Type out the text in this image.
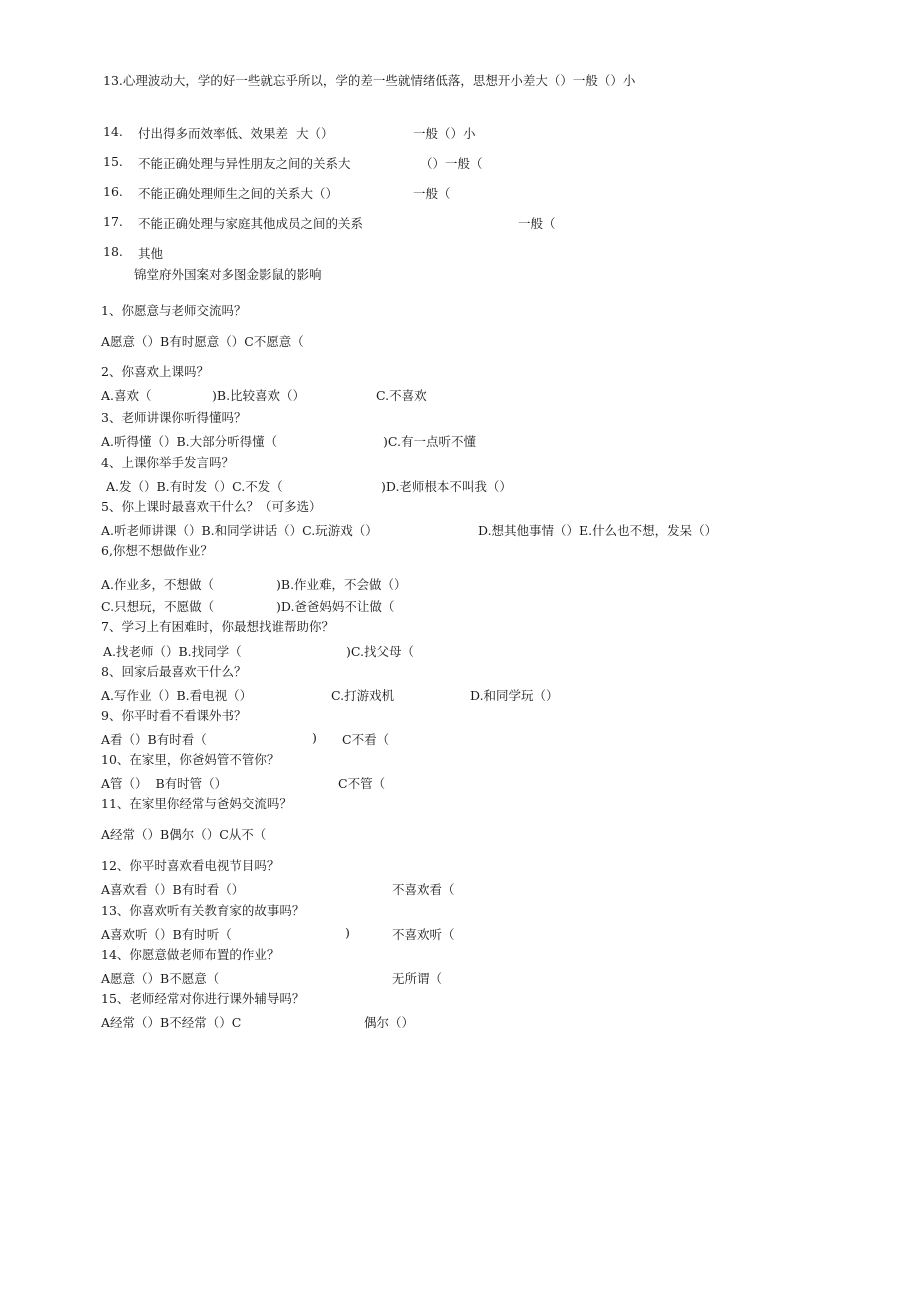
13.心理波动大，学的好一些就忘乎所以，学的差一些就情绪低落，思想开小差大（）一般（）小
14. 付出得多而效率低、效果差  大（）	一般（）小
15. 不能正确处理与异性朋友之间的关系大	（）一般（
16. 不能正确处理师生之间的关系大（）	一般（
17. 不能正确处理与家庭其他成员之间的关系	一般（
18. 其他
锦堂府外国案对多图金影鼠的影响
1、你愿意与老师交流吗？
A愿意（）B有时愿意（）C不愿意（
2、你喜欢上课吗？
A.喜欢（	)B.比较喜欢（）	C.不喜欢
3、老师讲课你听得懂吗？
A.听得懂（）B.大部分听得懂（	)C.有一点听不懂
4、上课你举手发言吗？
A.发（）B.有时发（）C.不发（	)D.老师根本不叫我（）
5、你上课时最喜欢干什么？（可多选）
A.听老师讲课（）B.和同学讲话（）C.玩游戏（）	D.想其他事情（）E.什么也不想，发呆（）
6,你想不想做作业？
A.作业多，不想做（	)B.作业难，不会做（）
C.只想玩，不愿做（	)D.爸爸妈妈不让做（
7、学习上有困难时，你最想找谁帮助你？
A.找老师（）B.找同学（	)C.找父母（
8、回家后最喜欢干什么？
A.写作业（）B.看电视（）	C.打游戏机	D.和同学玩（）
9、你平时看不看课外书？
A看（）B有时看（	) C不看（
10、在家里，你爸妈管不管你？
A管（）  B有时管（）	C不管（
11、在家里你经常与爸妈交流吗？
A经常（）B偶尔（）C从不（
12、你平时喜欢看电视节目吗？
A喜欢看（）B有时看（）	不喜欢看（
13、你喜欢听有关教育家的故事吗？
A喜欢听（）B有时听（	)	不喜欢听（
14、你愿意做老师布置的作业？
A愿意（）B不愿意（	无所谓（
15、老师经常对你进行课外辅导吗？
A经常（）B不经常（）C	偶尔（）
